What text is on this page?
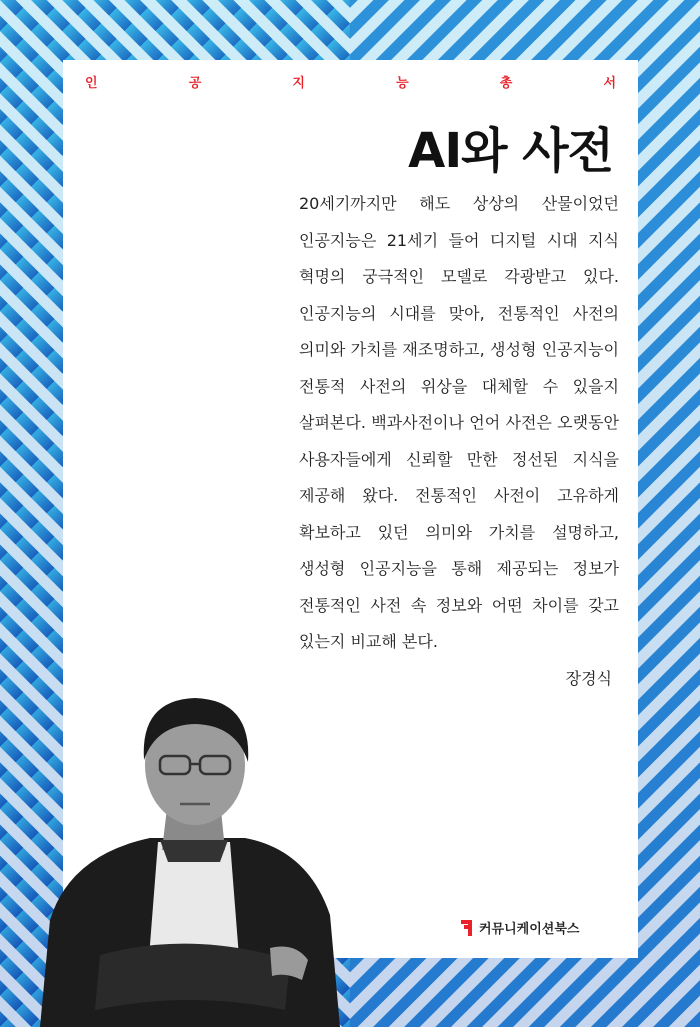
인	공	지	능	총	서
AI와 사전

20세기까지만 해도 상상의 산물이었던 인공지능은 21세기 들어 디지털 시대 지식 혁명의 궁극적인 모델로 각광받고 있다. 인공지능의 시대를 맞아, 전통적인 사전의 의미와 가치를 재조명하고, 생성형 인공지능이 전통적 사전의 위상을 대체할 수 있을지 살펴본다. 백과사전이나 언어 사전은 오랫동안 사용자들에게 신뢰할 만한 정선된 지식을 제공해 왔다. 전통적인 사전이 고유하게 확보하고 있던 의미와 가치를 설명하고, 생성형 인공지능을 통해 제공되는 정보가 전통적인 사전 속 정보와 어떤 차이를 갖고 있는지 비교해 본다.

장경식
커뮤니케이션북스
